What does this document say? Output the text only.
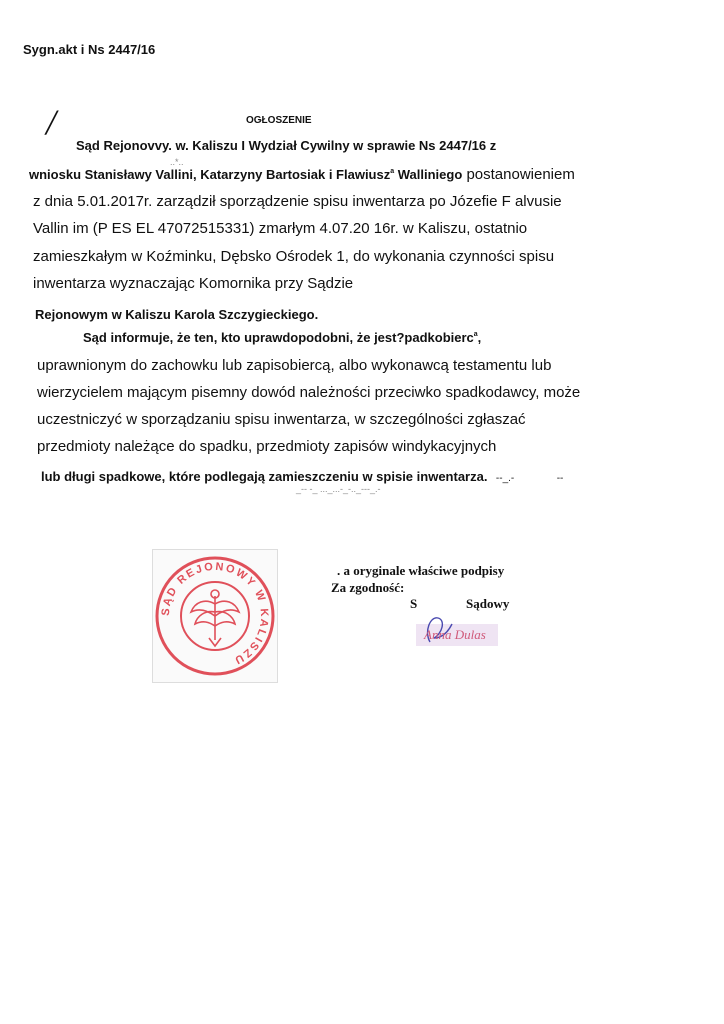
Sygn.akt i Ns 2447/16
/	OGŁOSZENIE
Sąd Rejonovvy. w. Kaliszu I Wydział Cywilny w sprawie Ns 2447/16 z
..*..
wniosku Stanisławy Vallini, Katarzyny Bartosiak i Flawiusz$^a$ Walliniego postanowieniem
z dnia 5.01.2017r. zarządził sporządzenie spisu inwentarza po Józefie F alvusie
Vallin im (P ES EL 47072515331) zmarłym 4.07.20 16r. w Kaliszu, ostatnio
zamieszkałym w Koźminku, Dębsko Ośrodek 1, do wykonania czynności spisu
inwentarza wyznaczając Komornika przy Sądzie
Rejonowym w Kaliszu Karola Szczygieckiego.
Sąd informuje, że ten, kto uprawdopodobni, że jest?padkobierc$^a$,
uprawnionym do zachowku lub zapisobiercą, albo wykonawcą testamentu lub
wierzycielem mającym pisemny dowód należności przeciwko spadkodawcy, może
uczestniczyć w sporządzaniu spisu inwentarza, w szczególności zgłaszać
przedmioty należące do spadku, przedmioty zapisów windykacyjnych
lub długi spadkowe, które podlegają zamieszczeniu w spisie inwentarza. --_.-	--
_-- -_ ..._...-_-.._---_.-
SĄD REJONOWY W KALISZU
. a oryginale właściwe podpisy
Za zgodność:
S	Sądowy
Anna Dulas
